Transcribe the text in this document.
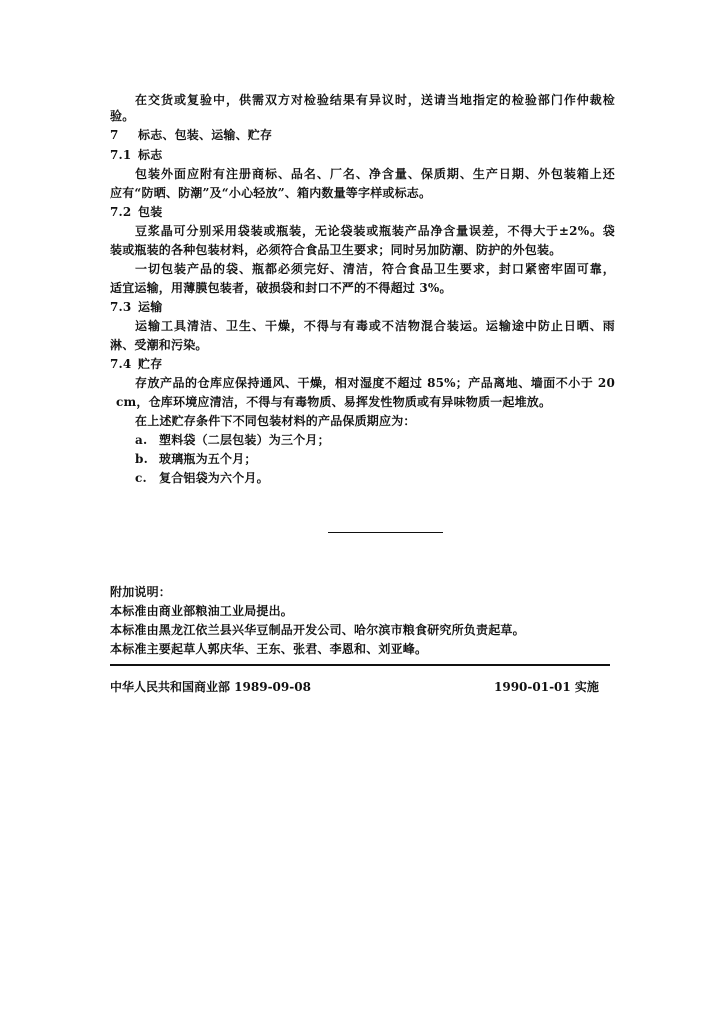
在交货或复验中，供需双方对检验结果有异议时，送请当地指定的检验部门作仲裁检
验。
7 标志、包装、运输、贮存
7.1 标志
包装外面应附有注册商标、品名、厂名、净含量、保质期、生产日期、外包装箱上还
应有“防晒、防潮”及“小心轻放”、箱内数量等字样或标志。
7.2 包装
豆浆晶可分别采用袋装或瓶装，无论袋装或瓶装产品净含量误差，不得大于±2%。袋
装或瓶装的各种包装材料，必须符合食品卫生要求；同时另加防潮、防护的外包装。
一切包装产品的袋、瓶都必须完好、清洁，符合食品卫生要求，封口紧密牢固可靠，
适宜运输，用薄膜包装者，破损袋和封口不严的不得超过 3%。
7.3 运输
运输工具清洁、卫生、干燥，不得与有毒或不洁物混合装运。运输途中防止日晒、雨
淋、受潮和污染。
7.4 贮存
存放产品的仓库应保持通风、干燥，相对湿度不超过 85%；产品离地、墙面不小于 20
cm，仓库环境应清洁，不得与有毒物质、易挥发性物质或有异味物质一起堆放。
在上述贮存条件下不同包装材料的产品保质期应为：
a. 塑料袋（二层包装）为三个月；
b. 玻璃瓶为五个月；
c. 复合铝袋为六个月。
附加说明：
本标准由商业部粮油工业局提出。
本标准由黑龙江依兰县兴华豆制品开发公司、哈尔滨市粮食研究所负责起草。
本标准主要起草人郭庆华、王东、张君、李恩和、刘亚峰。
中华人民共和国商业部 1989-09-08	1990-01-01 实施
